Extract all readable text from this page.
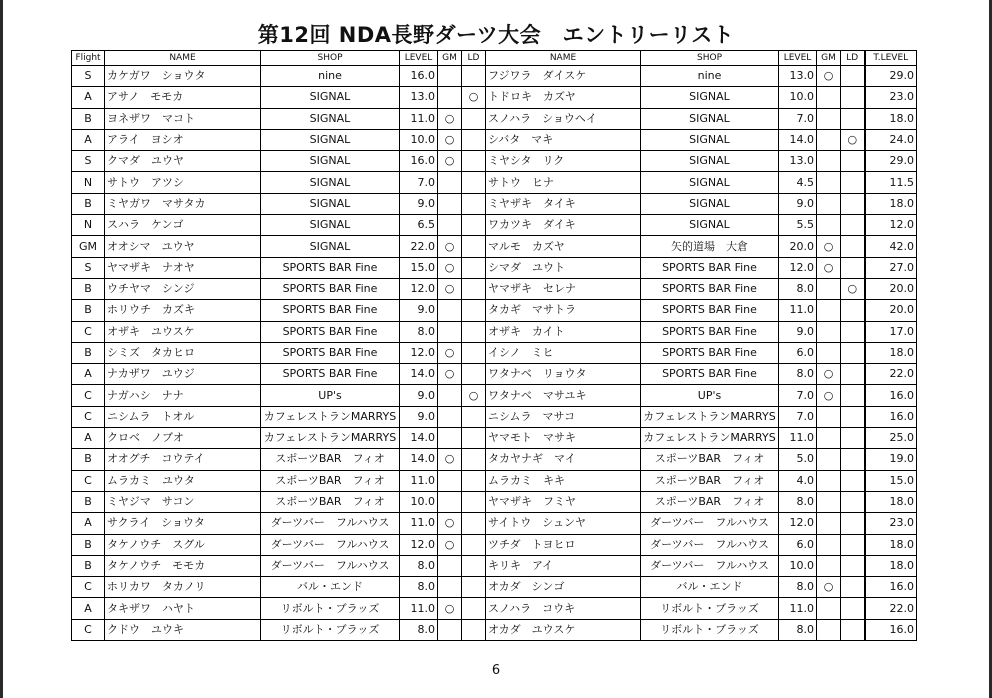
第12回 NDA長野ダーツ大会　エントリーリスト
Flight	NAME	SHOP	LEVEL	GM	LD	NAME	SHOP	LEVEL	GM	LD	T.LEVEL
S	カケガワ　ショウタ	nine	16.0			フジワラ　ダイスケ	nine	13.0	○		29.0
A	アサノ　モモカ	SIGNAL	13.0		○	トドロキ　カズヤ	SIGNAL	10.0			23.0
B	ヨネザワ　マコト	SIGNAL	11.0	○		スノハラ　ショウヘイ	SIGNAL	7.0			18.0
A	アライ　ヨシオ	SIGNAL	10.0	○		シバタ　マキ	SIGNAL	14.0		○	24.0
S	クマダ　ユウヤ	SIGNAL	16.0	○		ミヤシタ　リク	SIGNAL	13.0			29.0
N	サトウ　アツシ	SIGNAL	7.0			サトウ　ヒナ	SIGNAL	4.5			11.5
B	ミヤガワ　マサタカ	SIGNAL	9.0			ミヤザキ　タイキ	SIGNAL	9.0			18.0
N	スハラ　ケンゴ	SIGNAL	6.5			ワカツキ　ダイキ	SIGNAL	5.5			12.0
GM	オオシマ　ユウヤ	SIGNAL	22.0	○		マルモ　カズヤ	矢的道場　大倉	20.0	○		42.0
S	ヤマザキ　ナオヤ	SPORTS BAR Fine	15.0	○		シマダ　ユウト	SPORTS BAR Fine	12.0	○		27.0
B	ウチヤマ　シンジ	SPORTS BAR Fine	12.0	○		ヤマザキ　セレナ	SPORTS BAR Fine	8.0		○	20.0
B	ホリウチ　カズキ	SPORTS BAR Fine	9.0			タカギ　マサトラ	SPORTS BAR Fine	11.0			20.0
C	オザキ　ユウスケ	SPORTS BAR Fine	8.0			オザキ　カイト	SPORTS BAR Fine	9.0			17.0
B	シミズ　タカヒロ	SPORTS BAR Fine	12.0	○		イシノ　ミヒ	SPORTS BAR Fine	6.0			18.0
A	ナカザワ　ユウジ	SPORTS BAR Fine	14.0	○		ワタナベ　リョウタ	SPORTS BAR Fine	8.0	○		22.0
C	ナガハシ　ナナ	UP's	9.0		○	ワタナベ　マサユキ	UP's	7.0	○		16.0
C	ニシムラ　トオル	カフェレストランMARRYS	9.0			ニシムラ　マサコ	カフェレストランMARRYS	7.0			16.0
A	クロベ　ノブオ	カフェレストランMARRYS	14.0			ヤマモト　マサキ	カフェレストランMARRYS	11.0			25.0
B	オオグチ　コウテイ	スポーツBAR　フィオ	14.0	○		タカヤナギ　マイ	スポーツBAR　フィオ	5.0			19.0
C	ムラカミ　ユウタ	スポーツBAR　フィオ	11.0			ムラカミ　キキ	スポーツBAR　フィオ	4.0			15.0
B	ミヤジマ　サコン	スポーツBAR　フィオ	10.0			ヤマザキ　フミヤ	スポーツBAR　フィオ	8.0			18.0
A	サクライ　ショウタ	ダーツバー　フルハウス	11.0	○		サイトウ　シュンヤ	ダーツバー　フルハウス	12.0			23.0
B	タケノウチ　スグル	ダーツバー　フルハウス	12.0	○		ツチダ　トヨヒロ	ダーツバー　フルハウス	6.0			18.0
B	タケノウチ　モモカ	ダーツバー　フルハウス	8.0			キリキ　アイ	ダーツバー　フルハウス	10.0			18.0
C	ホリカワ　タカノリ	バル・エンド	8.0			オカダ　シンゴ	バル・エンド	8.0	○		16.0
A	タキザワ　ハヤト	リボルト・ブラッズ	11.0	○		スノハラ　コウキ	リボルト・ブラッズ	11.0			22.0
C	クドウ　ユウキ	リボルト・ブラッズ	8.0			オカダ　ユウスケ	リボルト・ブラッズ	8.0			16.0
6
